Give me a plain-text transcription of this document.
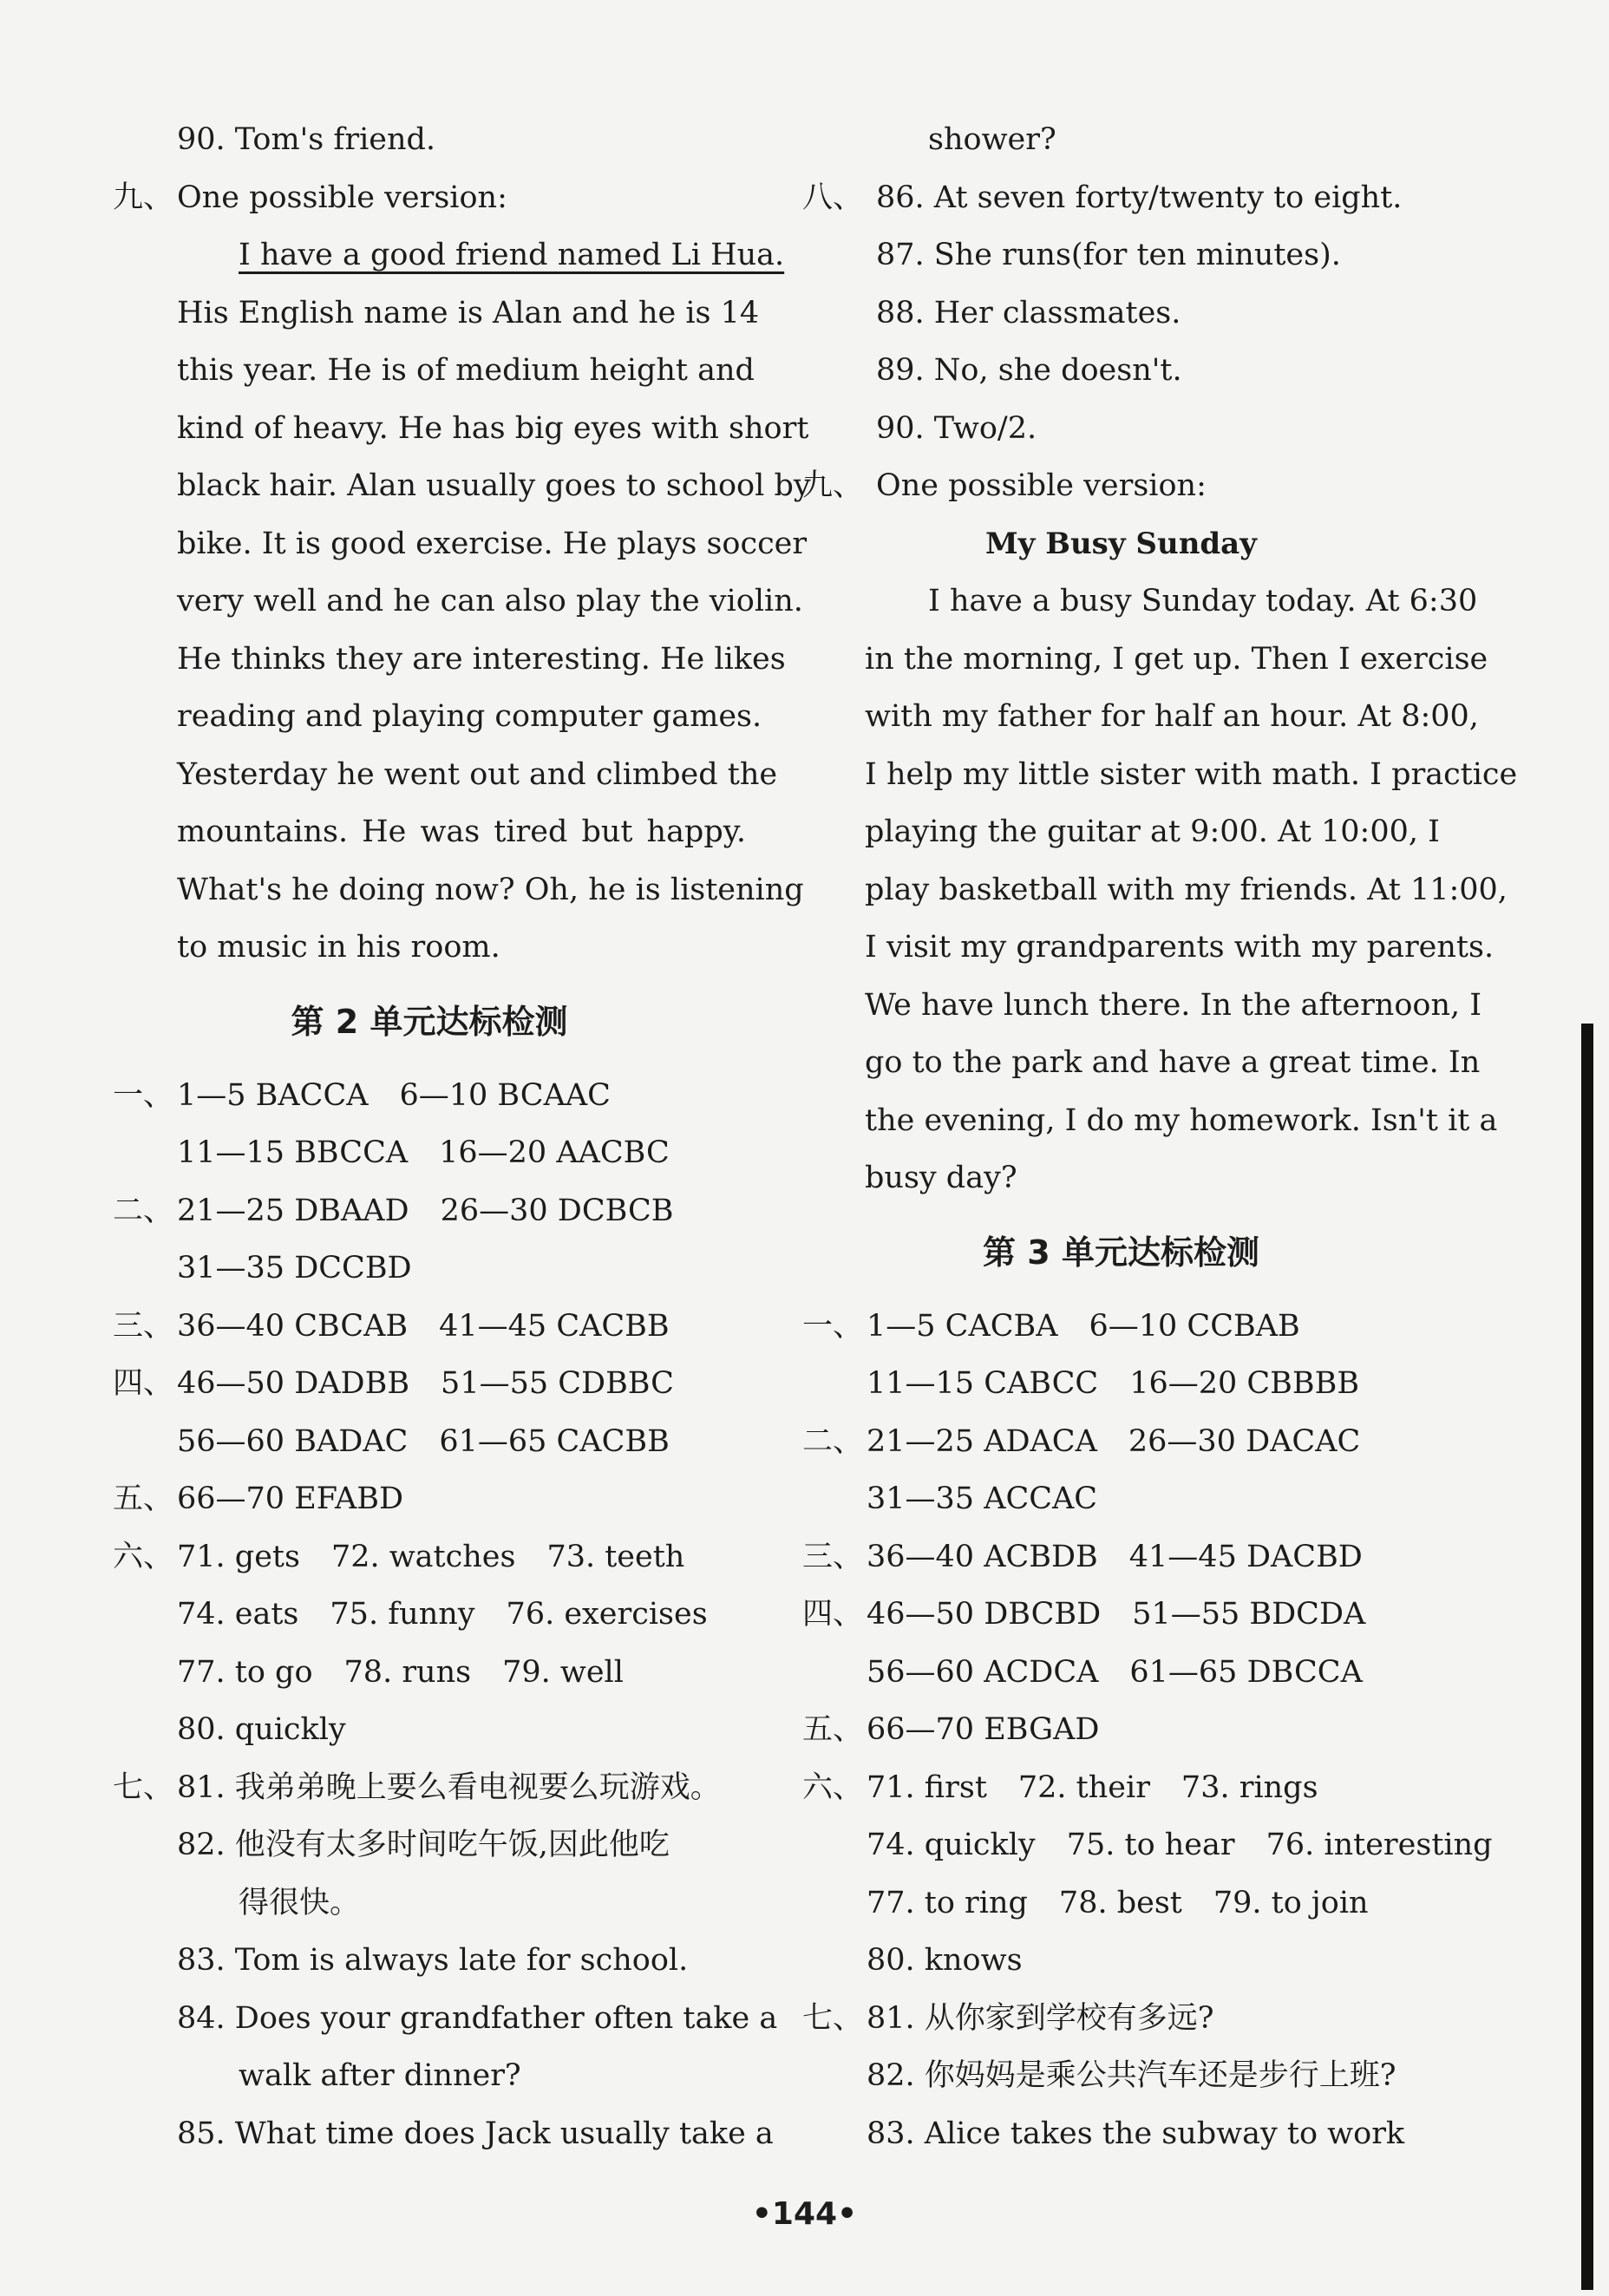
90. Tom's friend.
九、 One possible version:
I have a good friend named Li Hua.
His English name is Alan and he is 14
this year. He is of medium height and
kind of heavy. He has big eyes with short
black hair. Alan usually goes to school by
bike. It is good exercise. He plays soccer
very well and he can also play the violin.
He thinks they are interesting. He likes
reading and playing computer games.
Yesterday he went out and climbed the
mountains. He was tired but happy.
What's he doing now? Oh, he is listening
to music in his room.
第 2 单元达标检测
一、 1—5 BACCA 6—10 BCAAC
11—15 BBCCA 16—20 AACBC
二、 21—25 DBAAD 26—30 DCBCB
31—35 DCCBD
三、 36—40 CBCAB 41—45 CACBB
四、 46—50 DADBB 51—55 CDBBC
56—60 BADAC 61—65 CACBB
五、 66—70 EFABD
六、 71. gets 72. watches 73. teeth
74. eats 75. funny 76. exercises
77. to go 78. runs 79. well
80. quickly
七、 81. 我弟弟晚上要么看电视要么玩游戏。
82. 他没有太多时间吃午饭,因此他吃
得很快。
83. Tom is always late for school.
84. Does your grandfather often take a
walk after dinner?
85. What time does Jack usually take a
shower?
八、 86. At seven forty/twenty to eight.
87. She runs(for ten minutes).
88. Her classmates.
89. No, she doesn't.
90. Two/2.
九、 One possible version:
My Busy Sunday
I have a busy Sunday today. At 6:30
in the morning, I get up. Then I exercise
with my father for half an hour. At 8:00,
I help my little sister with math. I practice
playing the guitar at 9:00. At 10:00, I
play basketball with my friends. At 11:00,
I visit my grandparents with my parents.
We have lunch there. In the afternoon, I
go to the park and have a great time. In
the evening, I do my homework. Isn't it a
busy day?
第 3 单元达标检测
一、 1—5 CACBA 6—10 CCBAB
11—15 CABCC 16—20 CBBBB
二、 21—25 ADACA 26—30 DACAC
31—35 ACCAC
三、 36—40 ACBDB 41—45 DACBD
四、 46—50 DBCBD 51—55 BDCDA
56—60 ACDCA 61—65 DBCCA
五、 66—70 EBGAD
六、 71. first 72. their 73. rings
74. quickly 75. to hear 76. interesting
77. to ring 78. best 79. to join
80. knows
七、 81. 从你家到学校有多远?
82. 你妈妈是乘公共汽车还是步行上班?
83. Alice takes the subway to work
•144•
